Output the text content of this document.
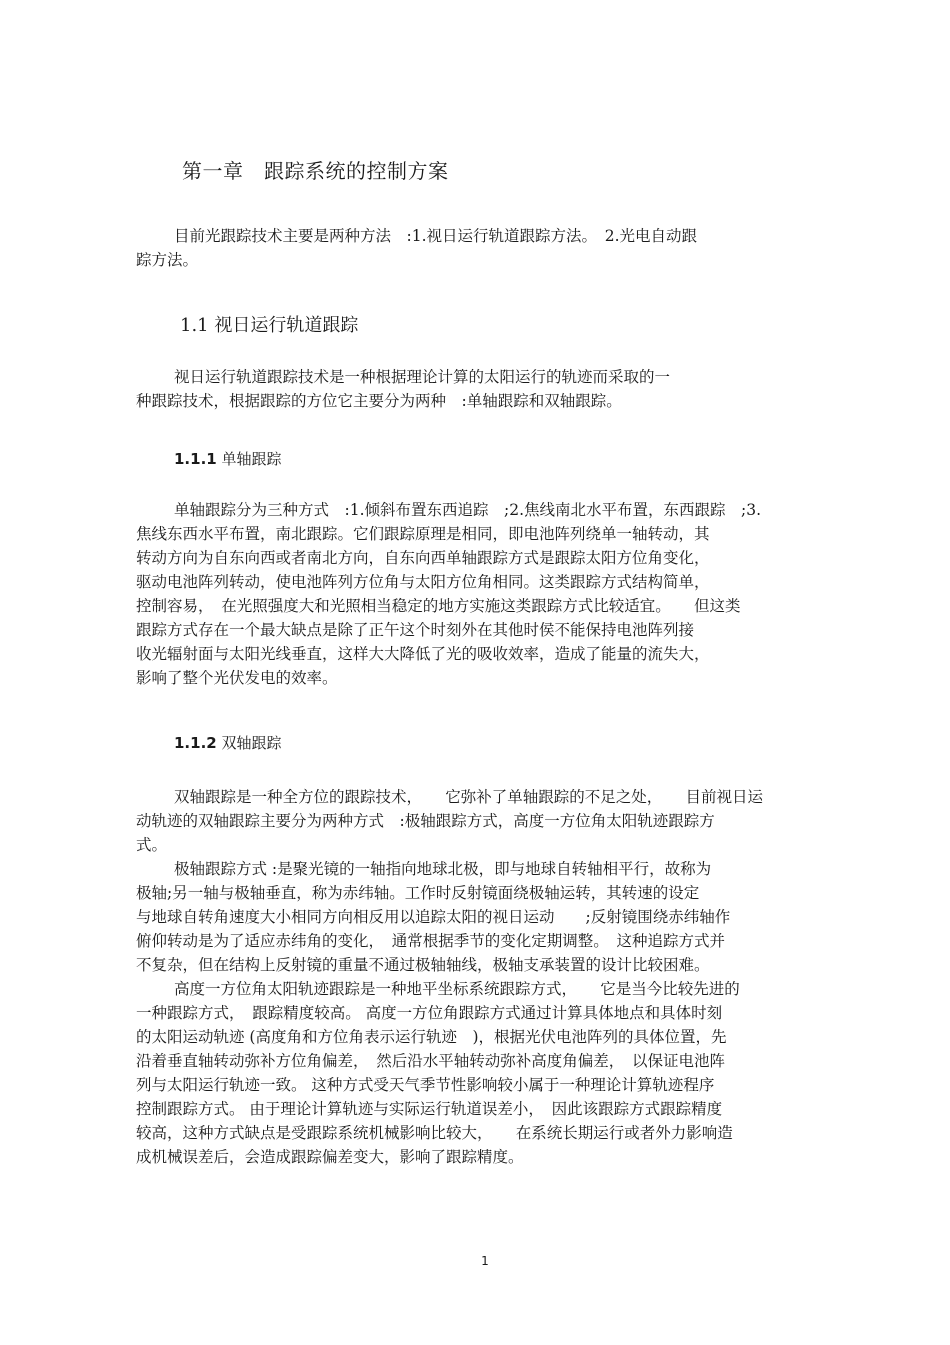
第一章　跟踪系统的控制方案
目前光跟踪技术主要是两种方法　:1.视日运行轨道跟踪方法。　2.光电自动跟
踪方法。
1.1 视日运行轨道跟踪
视日运行轨道跟踪技术是一种根据理论计算的太阳运行的轨迹而采取的一
种跟踪技术，根据跟踪的方位它主要分为两种　:单轴跟踪和双轴跟踪。
1.1.1 单轴跟踪
单轴跟踪分为三种方式　:1.倾斜布置东西追踪　;2.焦线南北水平布置，东西跟踪　;3.
焦线东西水平布置，南北跟踪。它们跟踪原理是相同，即电池阵列绕单一轴转动，其
转动方向为自东向西或者南北方向，自东向西单轴跟踪方式是跟踪太阳方位角变化，
驱动电池阵列转动，使电池阵列方位角与太阳方位角相同。这类跟踪方式结构简单，
控制容易，　在光照强度大和光照相当稳定的地方实施这类跟踪方式比较适宜。　　但这类
跟踪方式存在一个最大缺点是除了正午这个时刻外在其他时侯不能保持电池阵列接
收光辐射面与太阳光线垂直，这样大大降低了光的吸收效率，造成了能量的流失大，
影响了整个光伏发电的效率。
1.1.2 双轴跟踪
双轴跟踪是一种全方位的跟踪技术，　　它弥补了单轴跟踪的不足之处，　　目前视日运
动轨迹的双轴跟踪主要分为两种方式　:极轴跟踪方式，高度一方位角太阳轨迹跟踪方
式。
极轴跟踪方式 :是聚光镜的一轴指向地球北极，即与地球自转轴相平行，故称为
极轴;另一轴与极轴垂直，称为赤纬轴。工作时反射镜面绕极轴运转，其转速的设定
与地球自转角速度大小相同方向相反用以追踪太阳的视日运动　　;反射镜围绕赤纬轴作
俯仰转动是为了适应赤纬角的变化，　通常根据季节的变化定期调整。　这种追踪方式并
不复杂，但在结构上反射镜的重量不通过极轴轴线，极轴支承装置的设计比较困难。
高度一方位角太阳轨迹跟踪是一种地平坐标系统跟踪方式，　　它是当今比较先进的
一种跟踪方式，　跟踪精度较高。 高度一方位角跟踪方式通过计算具体地点和具体时刻
的太阳运动轨迹 (高度角和方位角表示运行轨迹　)，根据光伏电池阵列的具体位置，先
沿着垂直轴转动弥补方位角偏差，　然后沿水平轴转动弥补高度角偏差，　以保证电池阵
列与太阳运行轨迹一致。 这种方式受天气季节性影响较小属于一种理论计算轨迹程序
控制跟踪方式。 由于理论计算轨迹与实际运行轨道误差小，　因此该跟踪方式跟踪精度
较高，这种方式缺点是受跟踪系统机械影响比较大，　　在系统长期运行或者外力影响造
成机械误差后，会造成跟踪偏差变大，影响了跟踪精度。
1
